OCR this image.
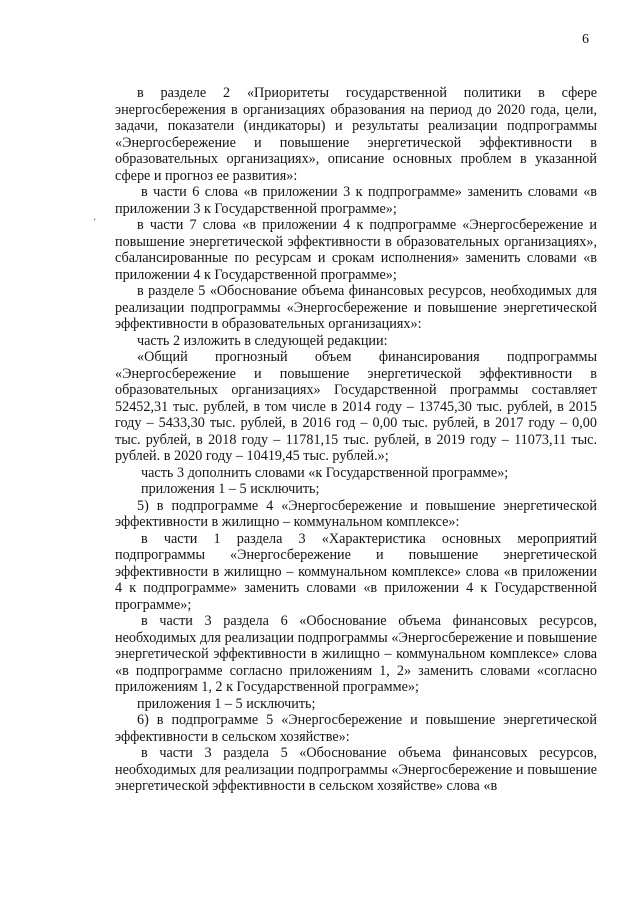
6
·

в разделе 2 «Приоритеты государственной политики в сфере энергосбережения в организациях образования на период до 2020 года, цели, задачи, показатели (индикаторы) и результаты реализации подпрограммы «Энергосбережение и повышение энергетической эффективности в образовательных организациях», описание основных проблем в указанной сфере и прогноз ее развития»:

в части 6 слова «в приложении 3 к подпрограмме» заменить словами «в приложении 3 к Государственной программе»;

в части 7 слова «в приложении 4 к подпрограмме «Энергосбережение и повышение энергетической эффективности в образовательных организациях», сбалансированные по ресурсам и срокам исполнения» заменить словами «в приложении 4 к Государственной программе»;

в разделе 5 «Обоснование объема финансовых ресурсов, необходимых для реализации подпрограммы «Энергосбережение и повышение энергетической эффективности в образовательных организациях»:

часть 2 изложить в следующей редакции:

«Общий прогнозный объем финансирования подпрограммы «Энергосбережение и повышение энергетической эффективности в образовательных организациях» Государственной программы составляет 52452,31 тыс. рублей, в том числе в 2014 году – 13745,30 тыс. рублей, в 2015 году – 5433,30 тыс. рублей, в 2016 год – 0,00 тыс. рублей, в 2017 году – 0,00 тыс. рублей, в 2018 году – 11781,15 тыс. рублей, в 2019 году – 11073,11 тыс. рублей. в 2020 году – 10419,45 тыс. рублей.»;

часть 3 дополнить словами «к Государственной программе»;

приложения 1 – 5 исключить;

5) в подпрограмме 4 «Энергосбережение и повышение энергетической эффективности в жилищно – коммунальном комплексе»:

в части 1 раздела 3 «Характеристика основных мероприятий подпрограммы «Энергосбережение и повышение энергетической эффективности в жилищно – коммунальном комплексе» слова «в приложении 4 к подпрограмме» заменить словами «в приложении 4 к Государственной программе»;

в части 3 раздела 6 «Обоснование объема финансовых ресурсов, необходимых для реализации подпрограммы «Энергосбережение и повышение энергетической эффективности в жилищно – коммунальном комплексе» слова «в подпрограмме согласно приложениям 1, 2» заменить словами «согласно приложениям 1, 2 к Государственной программе»;

приложения 1 – 5 исключить;

6) в подпрограмме 5 «Энергосбережение и повышение энергетической эффективности в сельском хозяйстве»:

в части 3 раздела 5 «Обоснование объема финансовых ресурсов, необходимых для реализации подпрограммы «Энергосбережение и повышение энергетической эффективности в сельском хозяйстве» слова «в
